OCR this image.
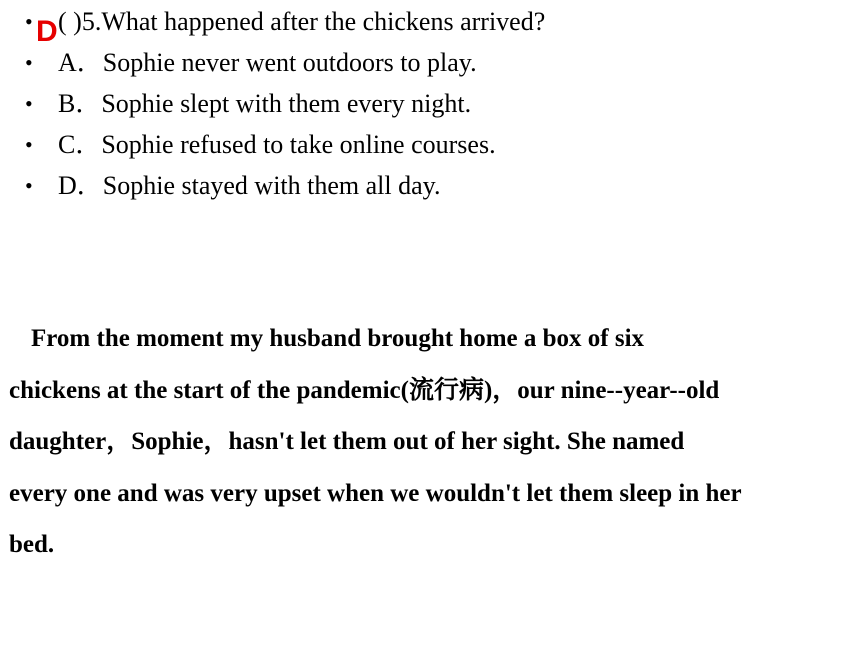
• ( )5.What happened after the chickens arrived?
• A．Sophie never went outdoors to play.
• B．Sophie slept with them every night.
• C．Sophie refused to take online courses.
• D．Sophie stayed with them all day.
D

From the moment my husband brought home a box of six
chickens at the start of the pandemic(流行病)，our nine--year--old
daughter，Sophie，hasn't let them out of her sight. She named
every one and was very upset when we wouldn't let them sleep in her
bed.
